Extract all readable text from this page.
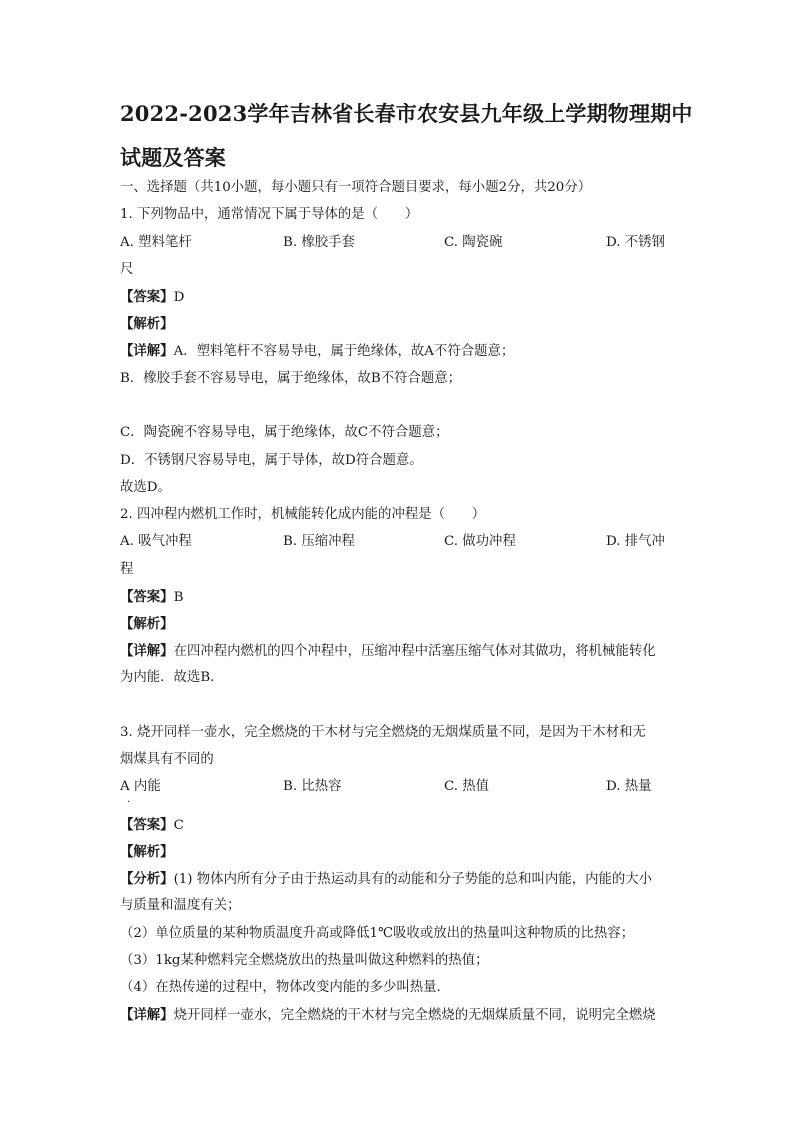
2022-2023学年吉林省长春市农安县九年级上学期物理期中
试题及答案
一、选择题（共10小题，每小题只有一项符合题目要求，每小题2分，共20分）
1. 下列物品中，通常情况下属于导体的是（　　）
A. 塑料笔杆	B. 橡胶手套	C. 陶瓷碗	D. 不锈钢
尺
【答案】D
【解析】
【详解】A．塑料笔杆不容易导电，属于绝缘体，故A不符合题意；
B．橡胶手套不容易导电，属于绝缘体，故B不符合题意；
C．陶瓷碗不容易导电，属于绝缘体，故C不符合题意；
D．不锈钢尺容易导电，属于导体，故D符合题意。
故选D。
2. 四冲程内燃机工作时，机械能转化成内能的冲程是（　　）
A. 吸气冲程	B. 压缩冲程	C. 做功冲程	D. 排气冲
程
【答案】B
【解析】
【详解】在四冲程内燃机的四个冲程中，压缩冲程中活塞压缩气体对其做功，将机械能转化
为内能．故选B．
3. 烧开同样一壶水，完全燃烧的干木材与完全燃烧的无烟煤质量不同，是因为干木材和无
烟煤具有不同的
A 内能	B. 比热容	C. 热值	D. 热量
.
【答案】C
【解析】
【分析】(1) 物体内所有分子由于热运动具有的动能和分子势能的总和叫内能，内能的大小
与质量和温度有关；
（2）单位质量的某种物质温度升高或降低1℃吸收或放出的热量叫这种物质的比热容；
（3）1kg某种燃料完全燃烧放出的热量叫做这种燃料的热值；
（4）在热传递的过程中，物体改变内能的多少叫热量．
【详解】烧开同样一壶水，完全燃烧的干木材与完全燃烧的无烟煤质量不同，说明完全燃烧
